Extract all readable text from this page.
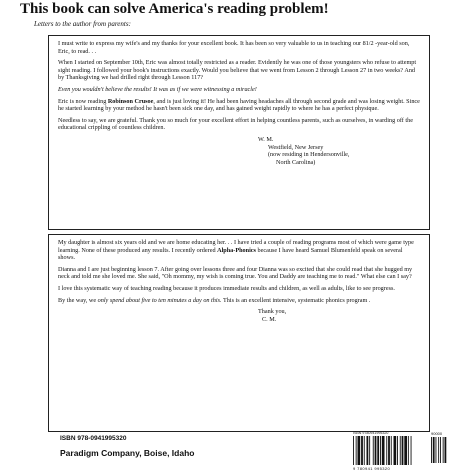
This book can solve America's reading problem!
Letters to the author from parents:

I must write to express my wife's and my thanks for your excellent book. It has been so very valuable to us in teaching our 81/2 -year-old son, Eric, to read. . .

When I started on September 10th, Eric was almost totally restricted as a reader. Evidently he was one of those youngsters who refuse to attempt sight reading. I followed your book's instructions exactly. Would you believe that we went from Lesson 2 through Lesson 27 in two weeks? And by Thanksgiving we had drilled right through Lesson 117?

Even you wouldn't believe the results! It was as if we were witnessing a miracle!

Eric is now reading Robinson Crusoe, and is just loving it! He had been having headaches all through second grade and was losing weight. Since he started learning by your method he hasn't been sick one day, and has gained weight rapidly to where he has a perfect physique.

Needless to say, we are grateful. Thank you so much for your excellent effort in helping countless parents, such as ourselves, in warding off the educational crippling of countless children.

W. M.
Westfield, New Jersey
(now residing in Hendersonville,
North Carolina)

My daughter is almost six years old and we are home educating her. . . I have tried a couple of reading programs most of which were game type learning. None of these produced any results. I recently ordered Alpha-Phonics because I have heard Samuel Blumenfeld speak on several shows.

Dianna and I are just beginning lesson 7. After going over lessons three and four Dianna was so excited that she could read that she hugged my neck and told me she loved me. She said, "Oh mommy, my wish is coming true. You and Daddy are teaching me to read." What else can I say?

I love this systematic way of teaching reading because it produces immediate results and children, as well as adults, like to see progress.

By the way, we only spend about five to ten minutes a day on this. This is an excellent intensive, systematic phonics program .

Thank you,
C. M.
ISBN 978-0941995320
Paradigm Company, Boise, Idaho
ISBN 9780941995320	90000
9 780941 995320
